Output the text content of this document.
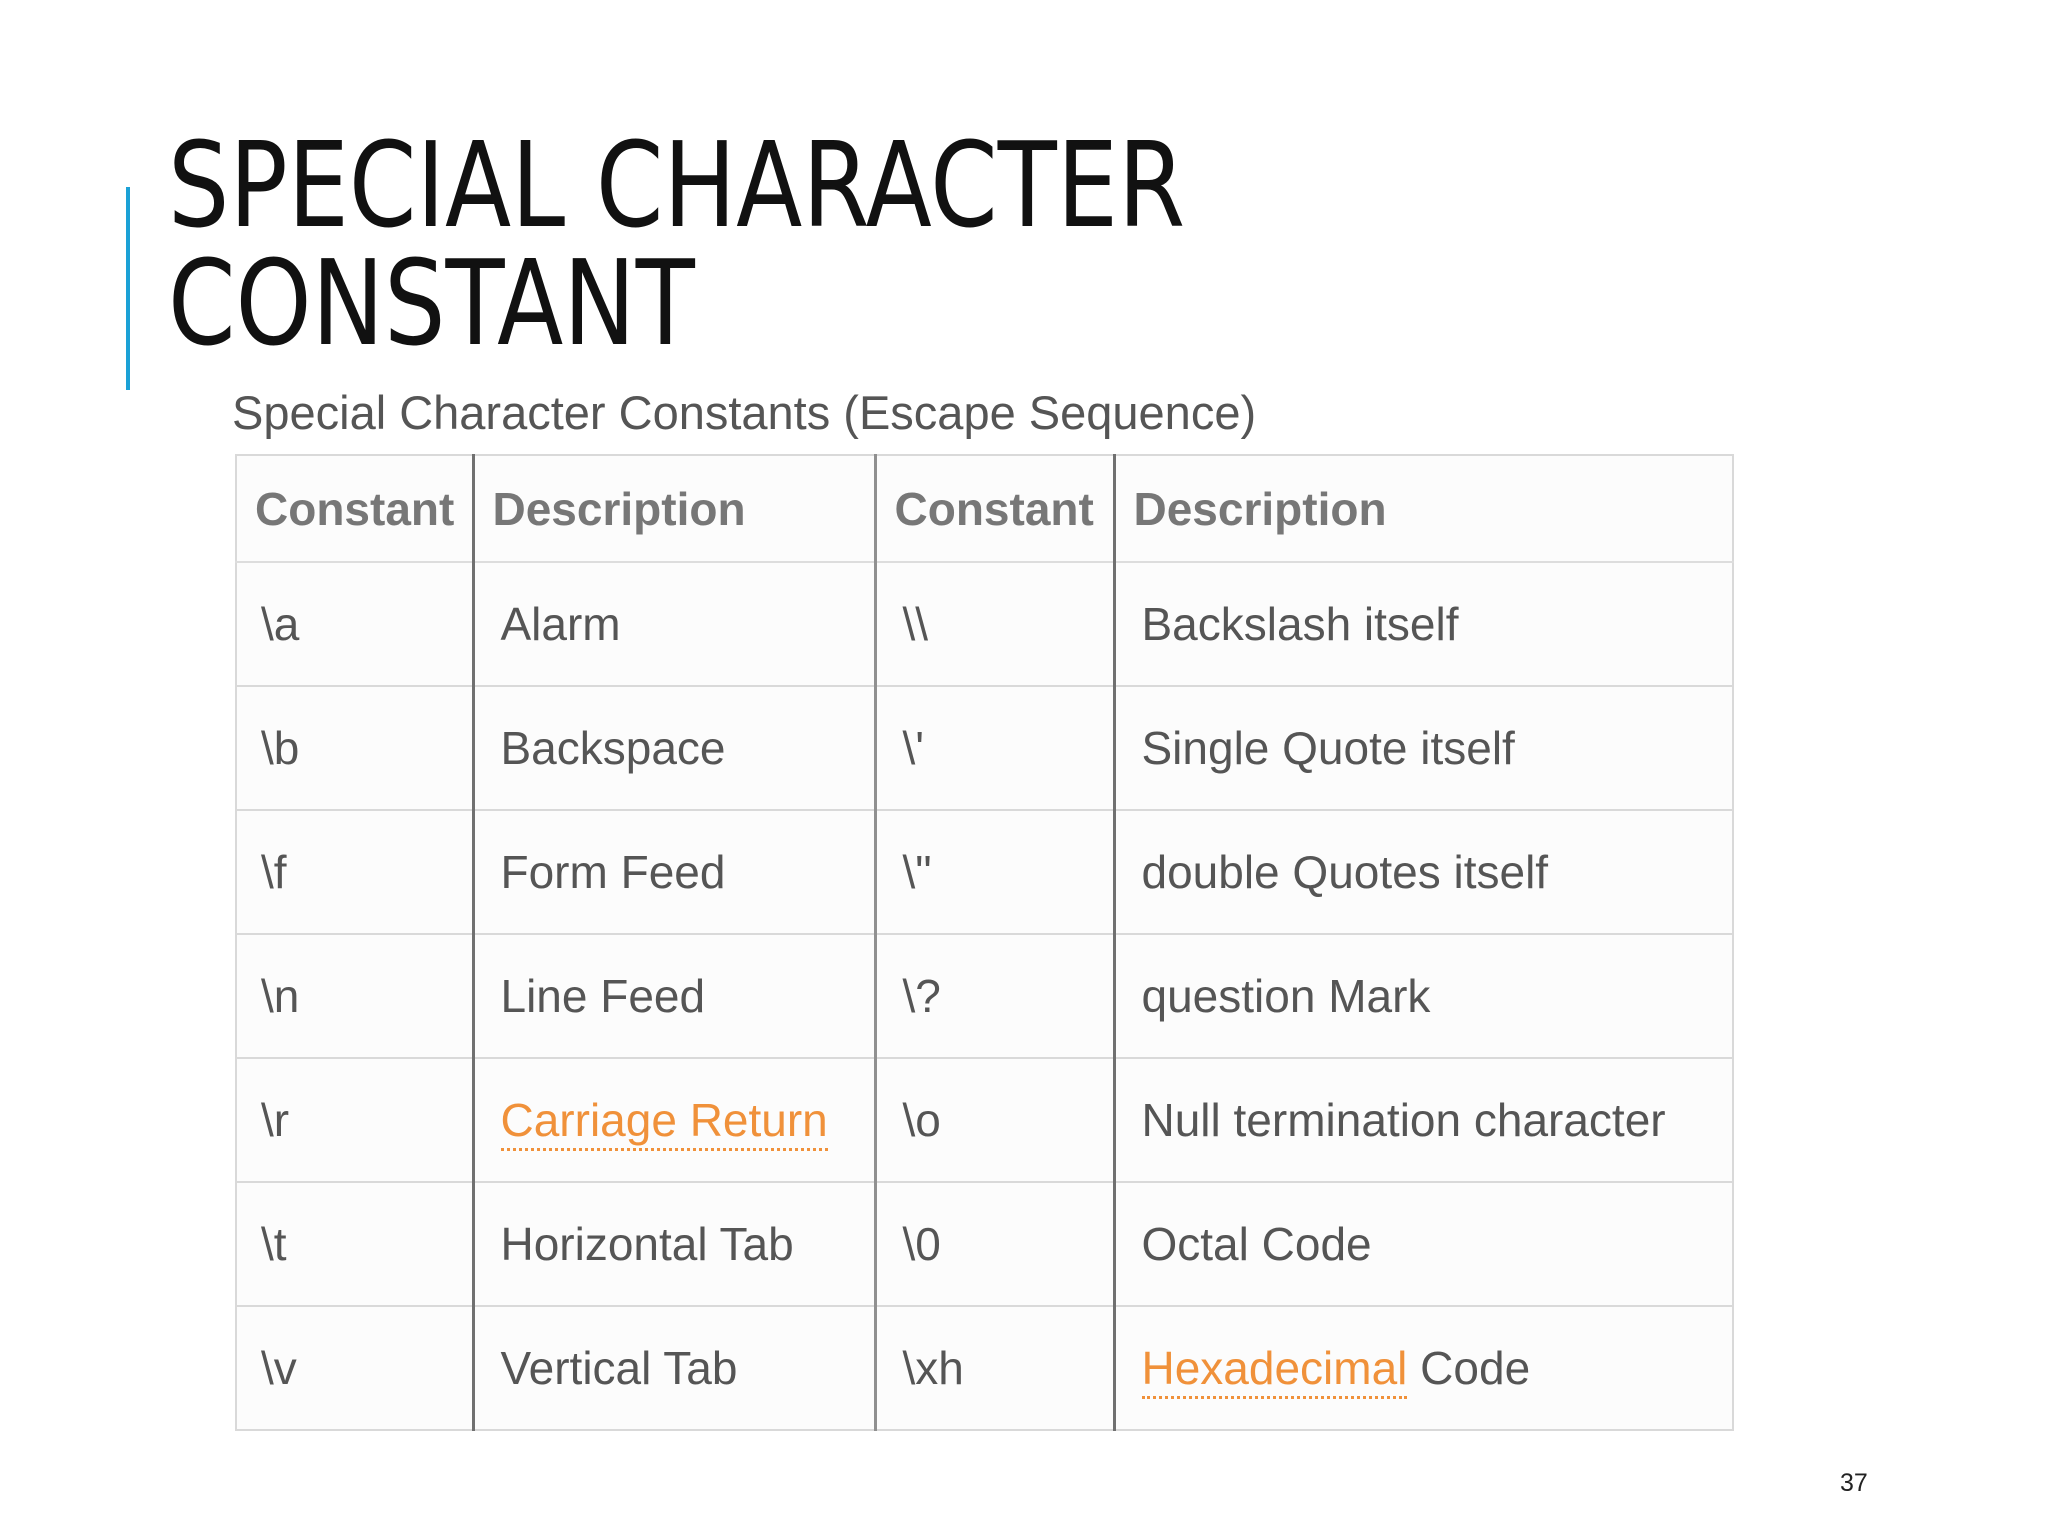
SPECIAL CHARACTER
CONSTANT
Special Character Constants (Escape Sequence)
Constant	Description	Constant	Description
\a	Alarm	\\	Backslash itself
\b	Backspace	\'	Single Quote itself
\f	Form Feed	\"	double Quotes itself
\n	Line Feed	\?	question Mark
\r	Carriage Return	\o	Null termination character
\t	Horizontal Tab	\0	Octal Code
\v	Vertical Tab	\xh	Hexadecimal Code
37
